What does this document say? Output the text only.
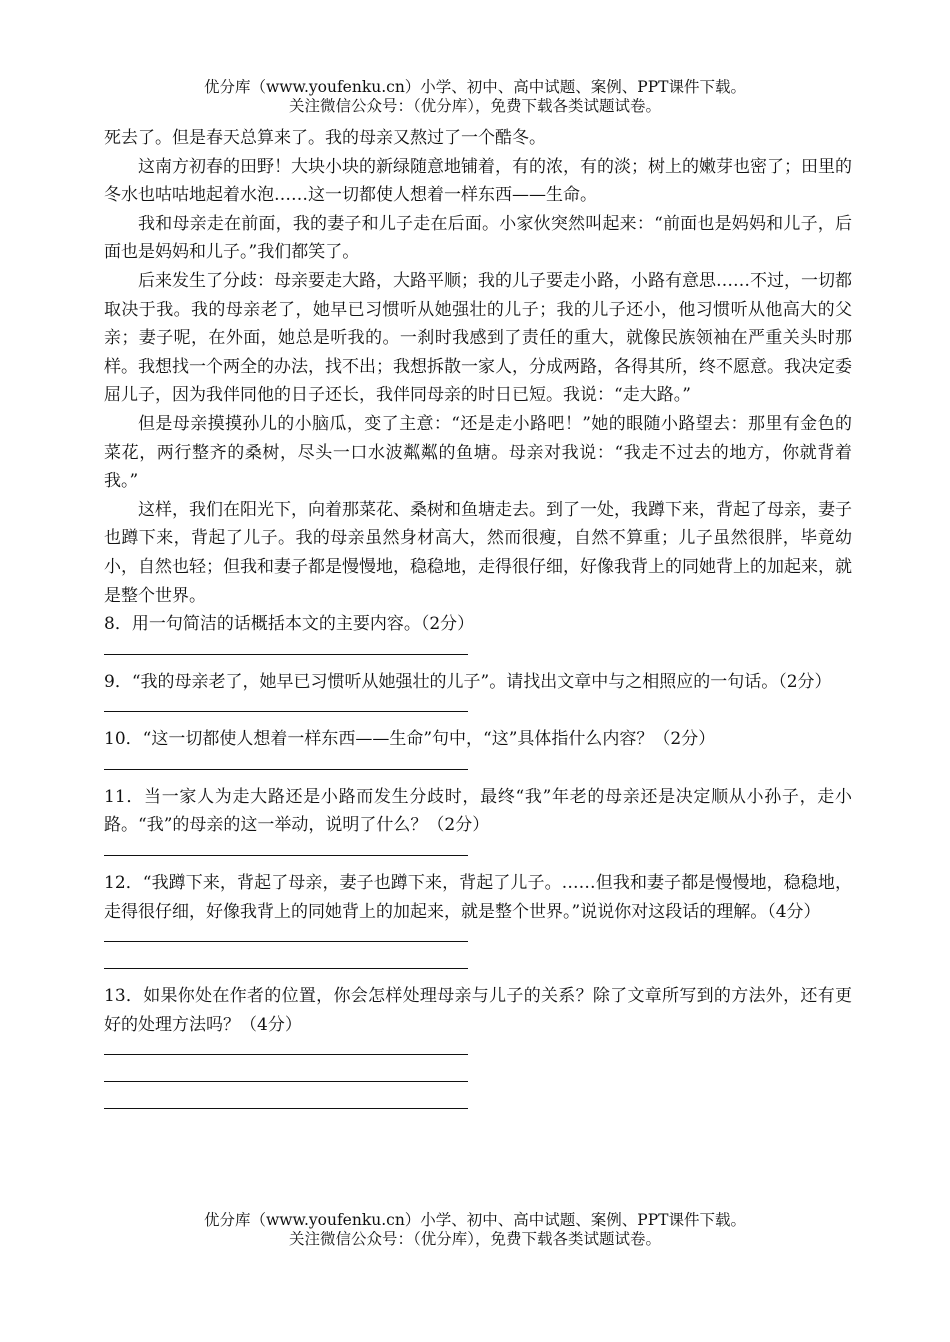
优分库（www.youfenku.cn）小学、初中、高中试题、案例、PPT课件下载。
关注微信公众号：（优分库），免费下载各类试题试卷。

死去了。但是春天总算来了。我的母亲又熬过了一个酷冬。

这南方初春的田野！大块小块的新绿随意地铺着，有的浓，有的淡；树上的嫩芽也密了；田里的冬水也咕咕地起着水泡……这一切都使人想着一样东西——生命。

我和母亲走在前面，我的妻子和儿子走在后面。小家伙突然叫起来：“前面也是妈妈和儿子，后面也是妈妈和儿子。”我们都笑了。

后来发生了分歧：母亲要走大路，大路平顺；我的儿子要走小路，小路有意思……不过，一切都取决于我。我的母亲老了，她早已习惯听从她强壮的儿子；我的儿子还小，他习惯听从他高大的父亲；妻子呢，在外面，她总是听我的。一刹时我感到了责任的重大，就像民族领袖在严重关头时那样。我想找一个两全的办法，找不出；我想拆散一家人，分成两路，各得其所，终不愿意。我决定委屈儿子，因为我伴同他的日子还长，我伴同母亲的时日已短。我说：“走大路。”

但是母亲摸摸孙儿的小脑瓜，变了主意：“还是走小路吧！”她的眼随小路望去：那里有金色的菜花，两行整齐的桑树，尽头一口水波粼粼的鱼塘。母亲对我说：“我走不过去的地方，你就背着我。”

这样，我们在阳光下，向着那菜花、桑树和鱼塘走去。到了一处，我蹲下来，背起了母亲，妻子也蹲下来，背起了儿子。我的母亲虽然身材高大，然而很瘦，自然不算重；儿子虽然很胖，毕竟幼小，自然也轻；但我和妻子都是慢慢地，稳稳地，走得很仔细，好像我背上的同她背上的加起来，就是整个世界。

8．用一句简洁的话概括本文的主要内容。（2分）

9．“我的母亲老了，她早已习惯听从她强壮的儿子”。请找出文章中与之相照应的一句话。（2分）

10．“这一切都使人想着一样东西——生命”句中，“这”具体指什么内容？（2分）

11．当一家人为走大路还是小路而发生分歧时，最终“我”年老的母亲还是决定顺从小孙子，走小路。“我”的母亲的这一举动，说明了什么？（2分）

12．“我蹲下来，背起了母亲，妻子也蹲下来，背起了儿子。……但我和妻子都是慢慢地，稳稳地，走得很仔细，好像我背上的同她背上的加起来，就是整个世界。”说说你对这段话的理解。（4分）

13．如果你处在作者的位置，你会怎样处理母亲与儿子的关系？除了文章所写到的方法外，还有更好的处理方法吗？（4分）

优分库（www.youfenku.cn）小学、初中、高中试题、案例、PPT课件下载。
关注微信公众号：（优分库），免费下载各类试题试卷。
